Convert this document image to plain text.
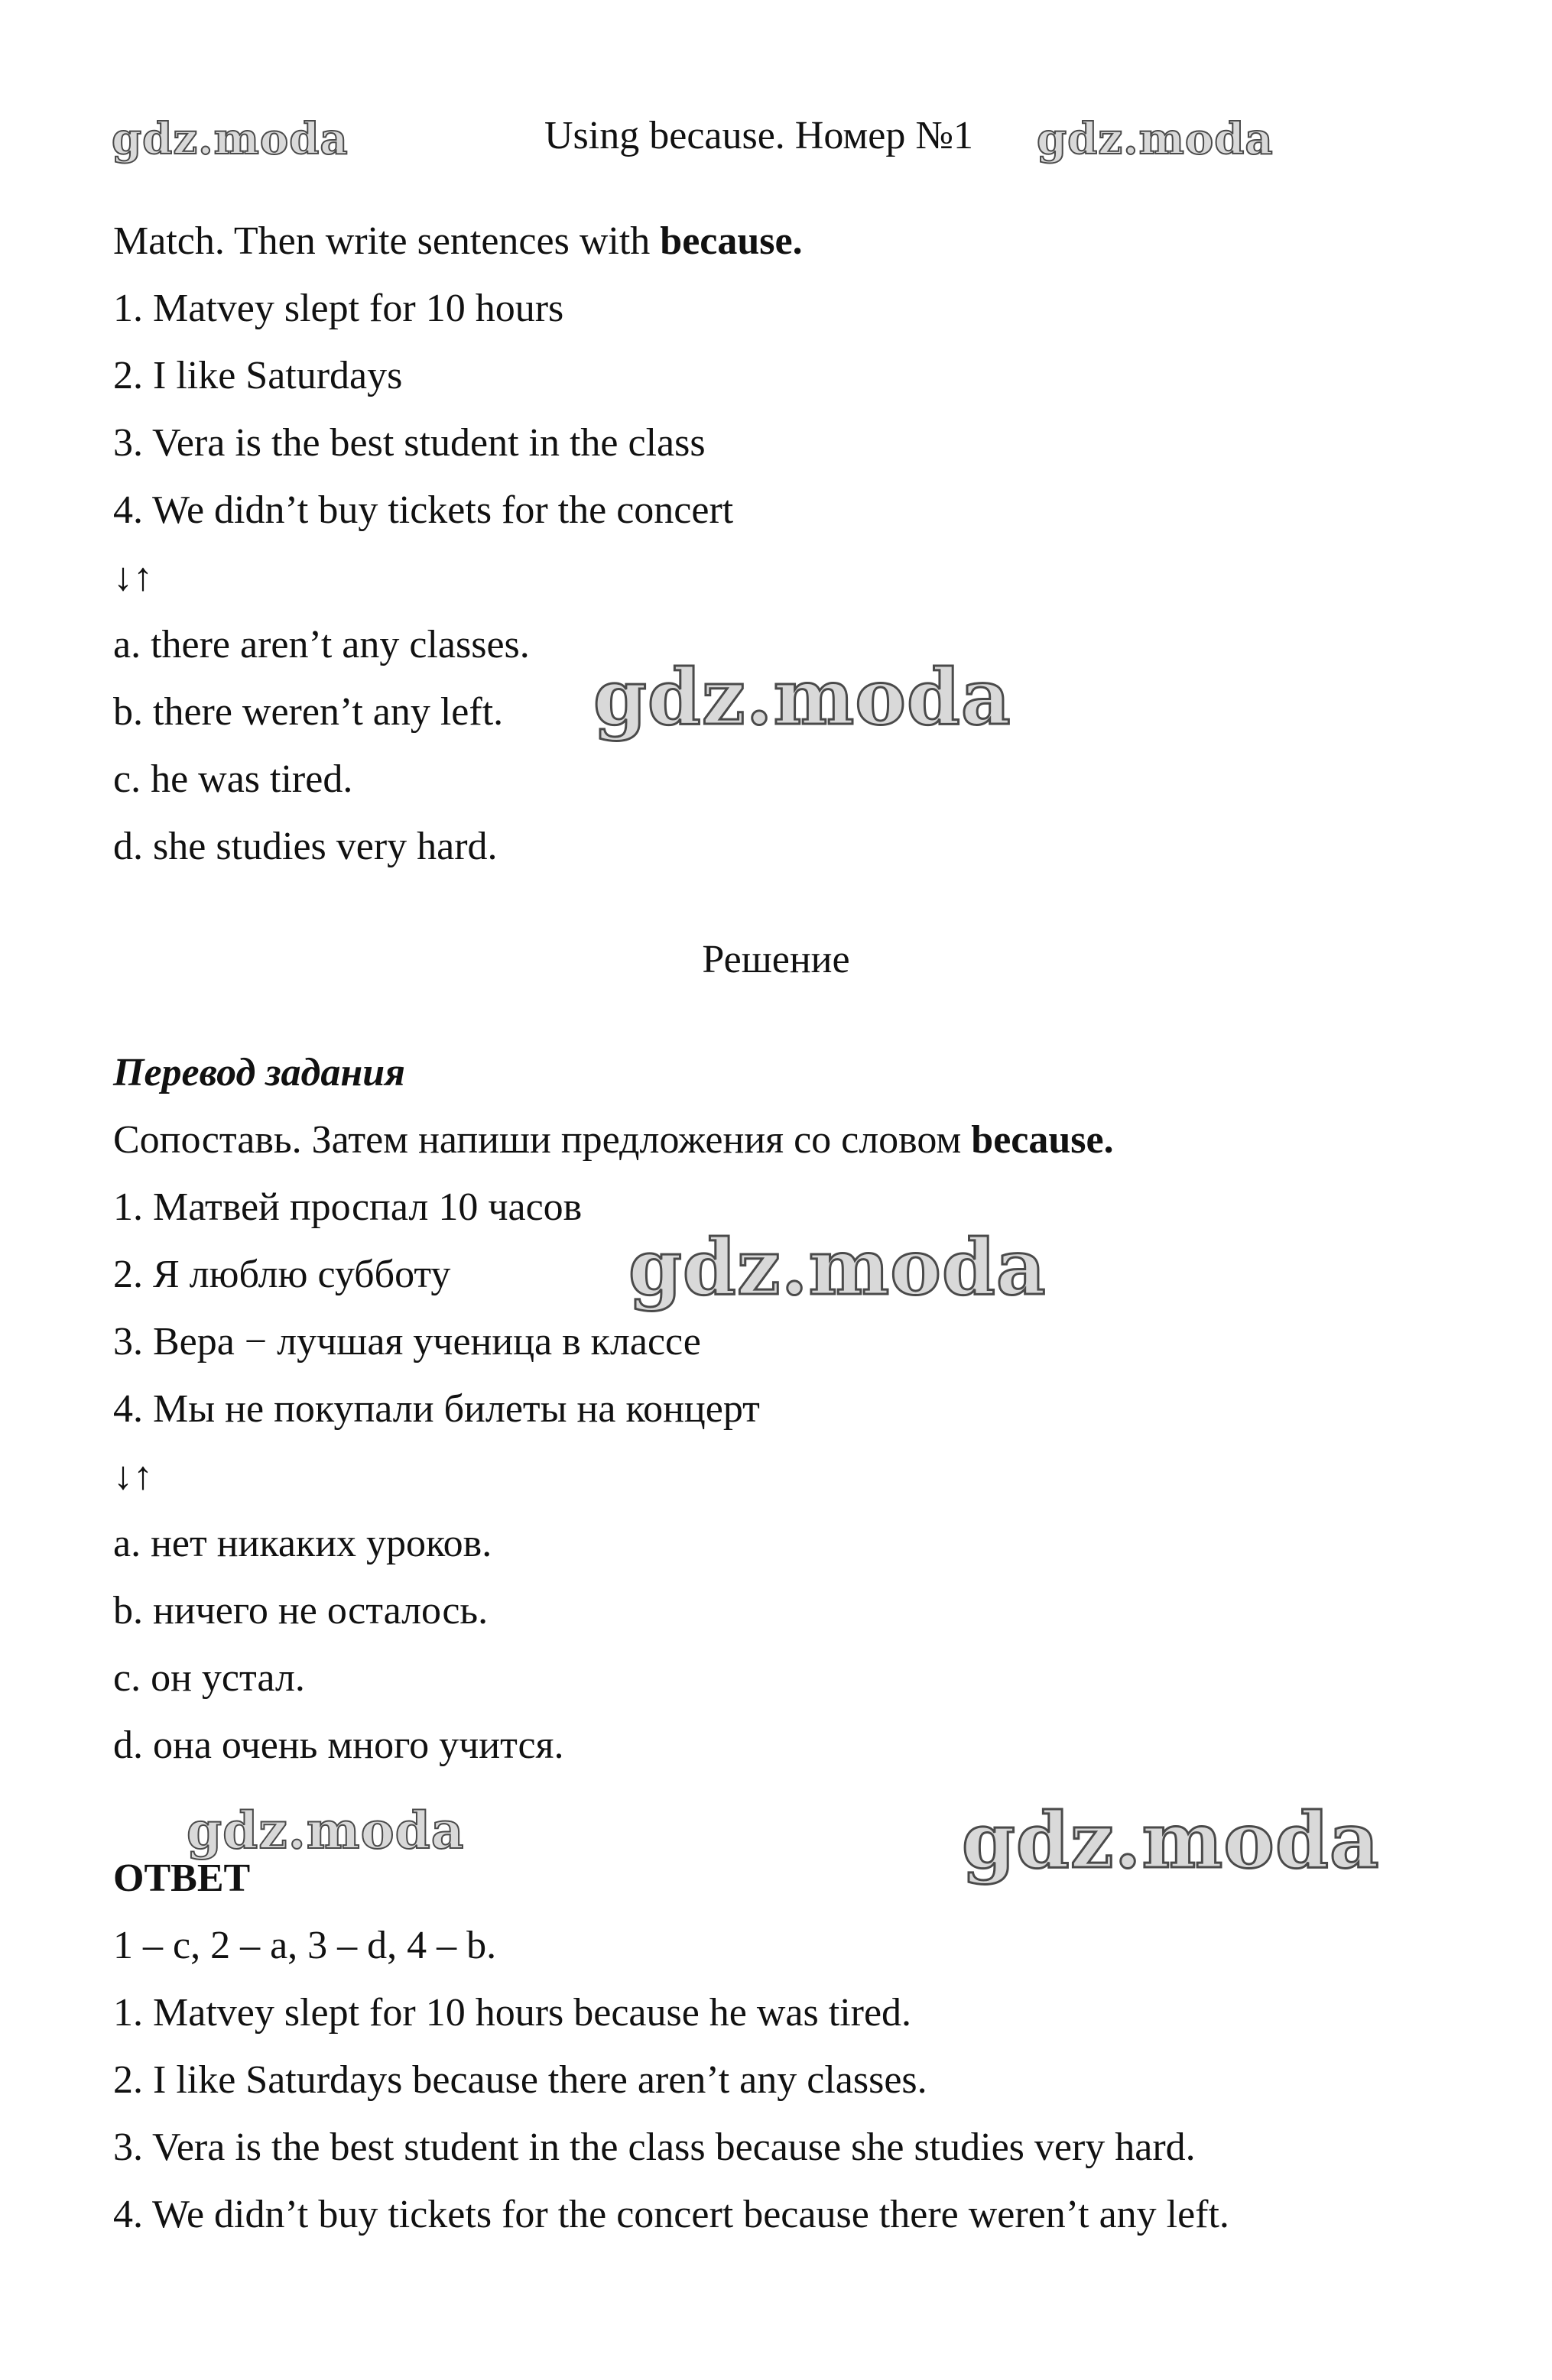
gdz.moda	Using because. Номер №1 gdz.moda
Match. Then write sentences with because.
1. Matvey slept for 10 hours
2. I like Saturdays
3. Vera is the best student in the class
4. We didn’t buy tickets for the concert
↓↑
a. there aren’t any classes.
b. there weren’t any left.
c. he was tired.
d. she studies very hard.
gdz.moda
Решение
Перевод задания
Сопоставь. Затем напиши предложения со словом because.
1. Матвей проспал 10 часов
2. Я люблю субботу
3. Вера − лучшая ученица в классе
4. Мы не покупали билеты на концерт
↓↑
a. нет никаких уроков.
b. ничего не осталось.
c. он устал.
d. она очень много учится.
gdz.moda
gdz.moda	gdz.moda
ОТВЕТ
1 – c, 2 – a, 3 – d, 4 – b.
1. Matvey slept for 10 hours because he was tired.
2. I like Saturdays because there aren’t any classes.
3. Vera is the best student in the class because she studies very hard.
4. We didn’t buy tickets for the concert because there weren’t any left.
